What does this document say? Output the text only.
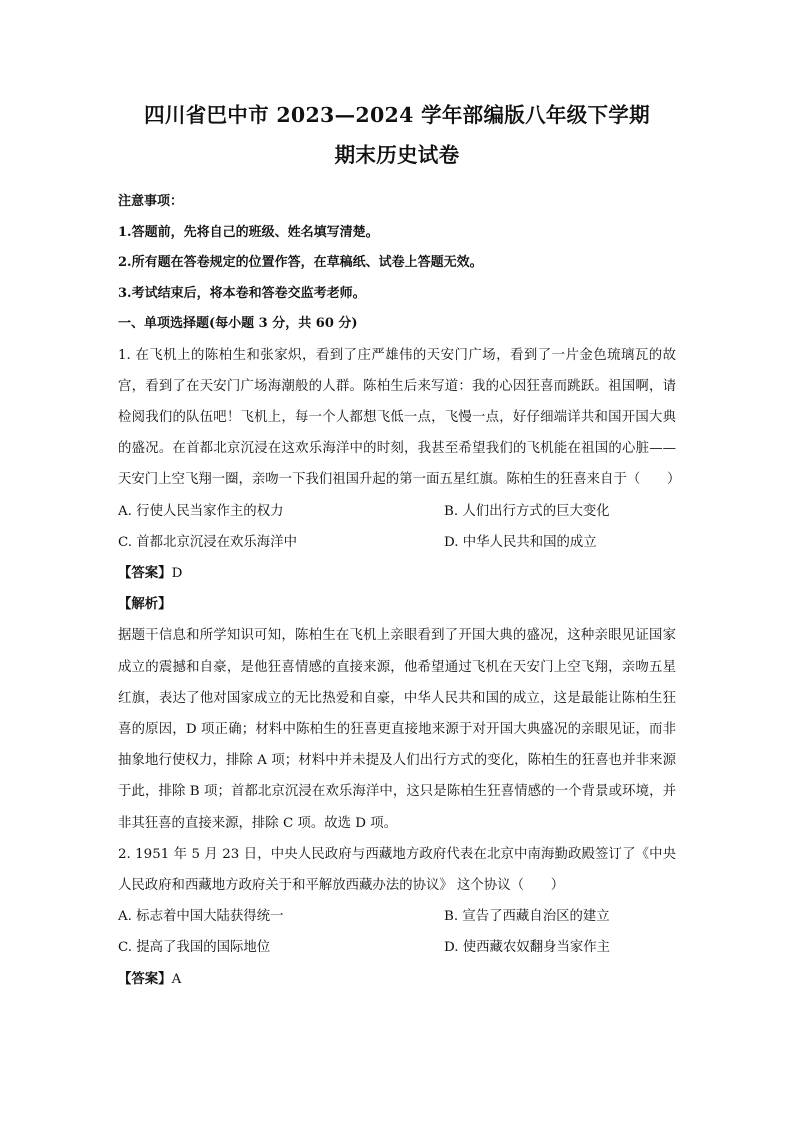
四川省巴中市 2023—2024 学年部编版八年级下学期
期末历史试卷
注意事项：
1.答题前，先将自己的班级、姓名填写清楚。
2.所有题在答卷规定的位置作答，在草稿纸、试卷上答题无效。
3.考试结束后，将本卷和答卷交监考老师。
一、单项选择题(每小题 3 分，共 60 分)

1. 在飞机上的陈柏生和张家炽，看到了庄严雄伟的天安门广场，看到了一片金色琉璃瓦的故宫，看到了在天安门广场海潮般的人群。陈柏生后来写道：我的心因狂喜而跳跃。祖国啊，请检阅我们的队伍吧！飞机上，每一个人都想飞低一点，飞慢一点，好仔细端详共和国开国大典的盛况。在首都北京沉浸在这欢乐海洋中的时刻，我甚至希望我们的飞机能在祖国的心脏——天安门上空飞翔一圈，亲吻一下我们祖国升起的第一面五星红旗。陈柏生的狂喜来自于（　　）

A. 行使人民当家作主的权力	B. 人们出行方式的巨大变化
C. 首都北京沉浸在欢乐海洋中	D. 中华人民共和国的成立
【答案】D
【解析】

据题干信息和所学知识可知，陈柏生在飞机上亲眼看到了开国大典的盛况，这种亲眼见证国家成立的震撼和自豪，是他狂喜情感的直接来源，他希望通过飞机在天安门上空飞翔，亲吻五星红旗，表达了他对国家成立的无比热爱和自豪，中华人民共和国的成立，这是最能让陈柏生狂喜的原因，D 项正确；材料中陈柏生的狂喜更直接地来源于对开国大典盛况的亲眼见证，而非抽象地行使权力，排除 A 项；材料中并未提及人们出行方式的变化，陈柏生的狂喜也并非来源于此，排除 B 项；首都北京沉浸在欢乐海洋中，这只是陈柏生狂喜情感的一个背景或环境，并非其狂喜的直接来源，排除 C 项。故选 D 项。

2. 1951 年 5 月 23 日，中央人民政府与西藏地方政府代表在北京中南海勤政殿签订了《中央人民政府和西藏地方政府关于和平解放西藏办法的协议》 这个协议（　　）

A. 标志着中国大陆获得统一	B. 宣告了西藏自治区的建立
C. 提高了我国的国际地位	D. 使西藏农奴翻身当家作主
【答案】A
